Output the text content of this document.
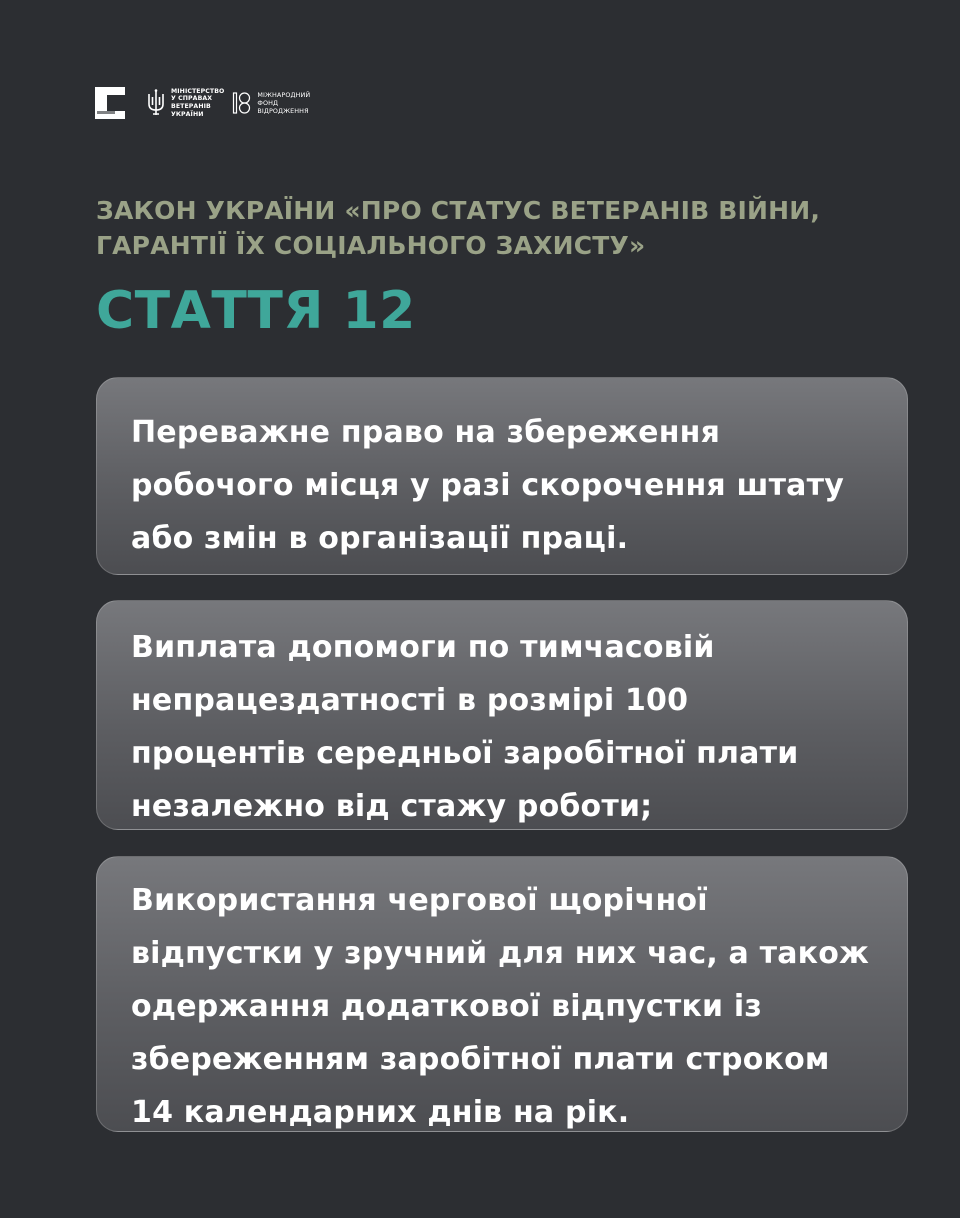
МІНІСТЕРСТВО
У СПРАВАХ
ВЕТЕРАНІВ
УКРАЇНИ
МІЖНАРОДНИЙ
ФОНД
ВІДРОДЖЕННЯ
ЗАКОН УКРАЇНИ «ПРО СТАТУС ВЕТЕРАНІВ ВІЙНИ, ГАРАНТІЇ ЇХ СОЦІАЛЬНОГО ЗАХИСТУ»
СТАТТЯ 12

Переважне право на збереження робочого місця у разі скорочення штату або змін в організації праці.

Виплата допомоги по тимчасовій непрацездатності в розмірі 100 процентів середньої заробітної плати незалежно від стажу роботи;

Використання чергової щорічної відпустки у зручний для них час, а також одержання додаткової відпустки із збереженням заробітної плати строком 14 календарних днів на рік.
